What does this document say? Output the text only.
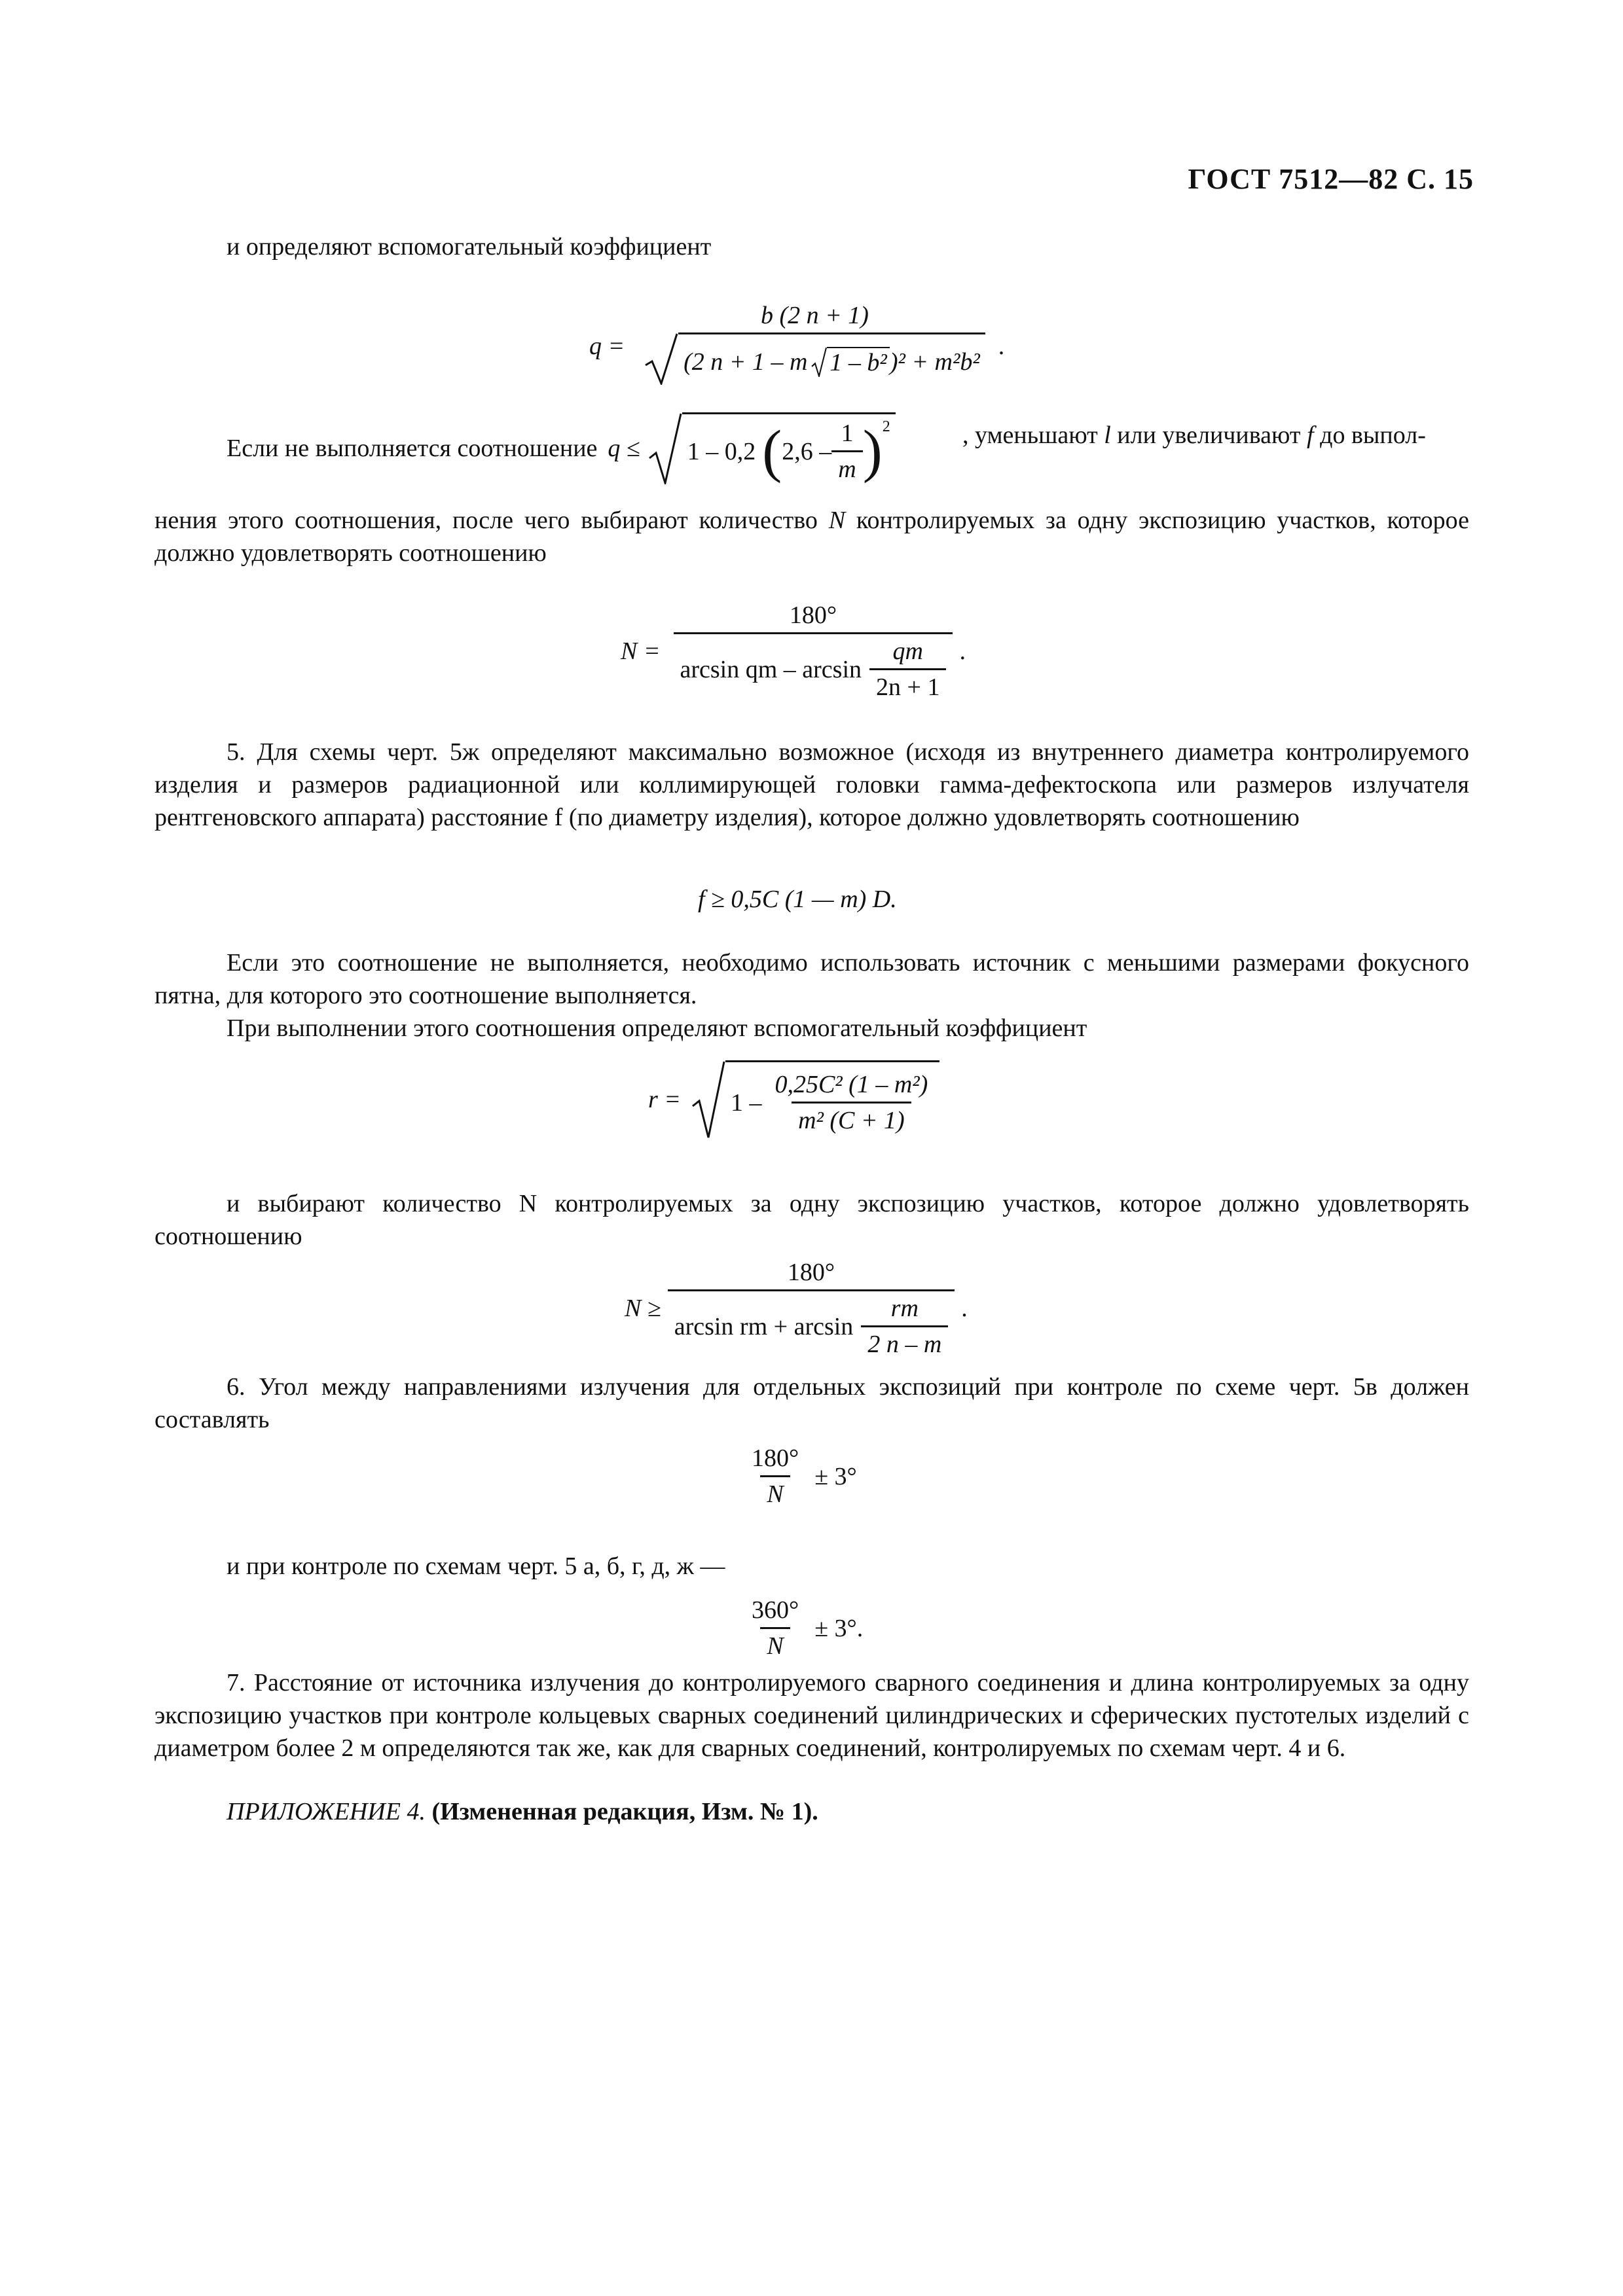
ГОСТ 7512—82 С. 15
и определяют вспомогательный коэффициент
q =
b (2 n + 1)
(2 n + 1 – m 1 – b² )² + m²b²
.
Если не выполняется соотношение q ≤ 1 – 0,2 ( $2,6 - \frac{1}{m} )^2$	, уменьшают l или увеличивают f до выпол-
нения этого соотношения, после чего выбирают количество N контролируемых за одну экспозицию участков, которое должно удовлетворять соотношению
$N = \frac{180^\circ}{\arcsin qm - \arcsin \frac{qm}{2n + 1}}$ .
5. Для схемы черт. 5ж определяют максимально возможное (исходя из внутреннего диаметра контролируемого изделия и размеров радиационной или коллимирующей головки гамма-дефектоскопа или размеров излучателя рентгеновского аппарата) расстояние f (по диаметру изделия), которое должно удовлетворять соотношению
f ≥ 0,5C (1 — m) D.
Если это соотношение не выполняется, необходимо использовать источник с меньшими размерами фокусного пятна, для которого это соотношение выполняется.
При выполнении этого соотношения определяют вспомогательный коэффициент
$r = 1 - \frac{\text{0,25C² (1 – m²)}}{\text{m² (C + 1)}}$
и выбирают количество N контролируемых за одну экспозицию участков, которое должно удовлетворять соотношению
N ≥
180°
arcsin rm + $\arcsin \frac{rm}{2 n - m}$ .
6. Угол между направлениями излучения для отдельных экспозиций при контроле по схеме черт. 5в должен составлять
$\frac{180^\circ}{N} \pm 3^\circ$
и при контроле по схемам черт. 5 а, б, г, д, ж —
$\frac{360^\circ}{N} \pm 3^\circ$.
7. Расстояние от источника излучения до контролируемого сварного соединения и длина контролируемых за одну экспозицию участков при контроле кольцевых сварных соединений цилиндрических и сферических пустотелых изделий с диаметром более 2 м определяются так же, как для сварных соединений, контролируемых по схемам черт. 4 и 6.
ПРИЛОЖЕНИЕ 4. (Измененная редакция, Изм. № 1).
